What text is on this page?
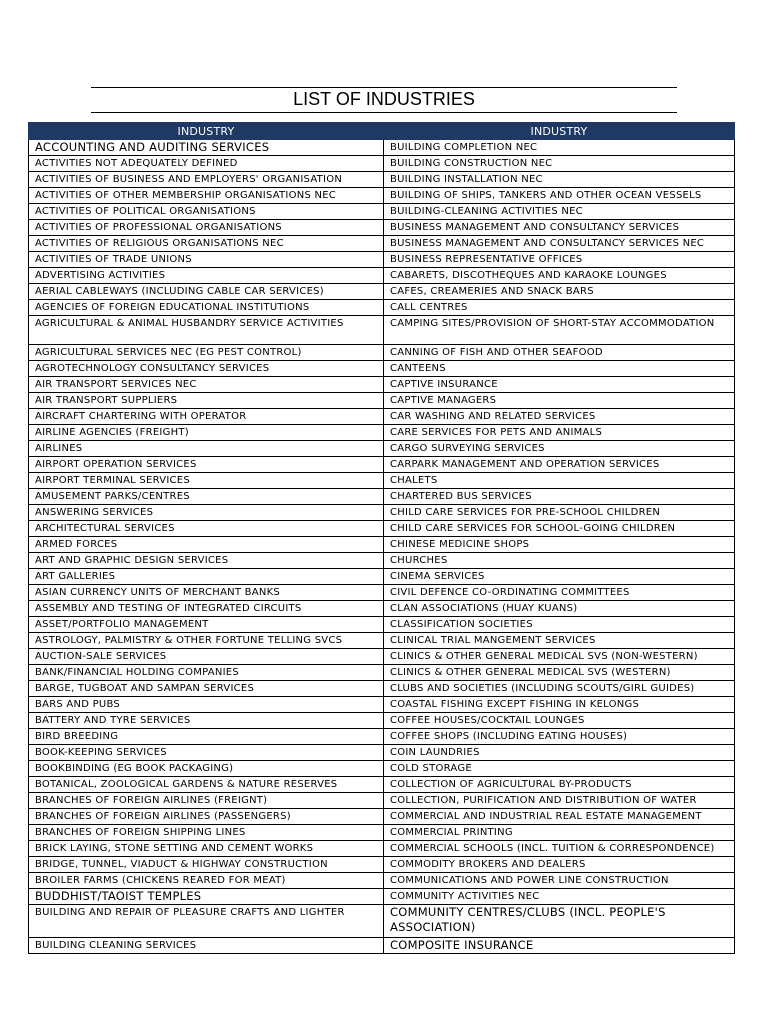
LIST OF INDUSTRIES
INDUSTRY	INDUSTRY
ACCOUNTING AND AUDITING SERVICES	BUILDING COMPLETION NEC
ACTIVITIES NOT ADEQUATELY DEFINED	BUILDING CONSTRUCTION NEC
ACTIVITIES OF BUSINESS AND EMPLOYERS' ORGANISATION	BUILDING INSTALLATION NEC
ACTIVITIES OF OTHER MEMBERSHIP ORGANISATIONS NEC	BUILDING OF SHIPS, TANKERS AND OTHER OCEAN VESSELS
ACTIVITIES OF POLITICAL ORGANISATIONS	BUILDING-CLEANING ACTIVITIES NEC
ACTIVITIES OF PROFESSIONAL ORGANISATIONS	BUSINESS MANAGEMENT AND CONSULTANCY SERVICES
ACTIVITIES OF RELIGIOUS ORGANISATIONS NEC	BUSINESS MANAGEMENT AND CONSULTANCY SERVICES NEC
ACTIVITIES OF TRADE UNIONS	BUSINESS REPRESENTATIVE OFFICES
ADVERTISING ACTIVITIES	CABARETS, DISCOTHEQUES AND KARAOKE LOUNGES
AERIAL CABLEWAYS (INCLUDING CABLE CAR SERVICES)	CAFES, CREAMERIES AND SNACK BARS
AGENCIES OF FOREIGN EDUCATIONAL INSTITUTIONS	CALL CENTRES
AGRICULTURAL & ANIMAL HUSBANDRY SERVICE ACTIVITIES	CAMPING SITES/PROVISION OF SHORT-STAY ACCOMMODATION
AGRICULTURAL SERVICES NEC (EG PEST CONTROL)	CANNING OF FISH AND OTHER SEAFOOD
AGROTECHNOLOGY CONSULTANCY SERVICES	CANTEENS
AIR TRANSPORT SERVICES NEC	CAPTIVE INSURANCE
AIR TRANSPORT SUPPLIERS	CAPTIVE MANAGERS
AIRCRAFT CHARTERING WITH OPERATOR	CAR WASHING AND RELATED SERVICES
AIRLINE AGENCIES (FREIGHT)	CARE SERVICES FOR PETS AND ANIMALS
AIRLINES	CARGO SURVEYING SERVICES
AIRPORT OPERATION SERVICES	CARPARK MANAGEMENT AND OPERATION SERVICES
AIRPORT TERMINAL SERVICES	CHALETS
AMUSEMENT PARKS/CENTRES	CHARTERED BUS SERVICES
ANSWERING SERVICES	CHILD CARE SERVICES FOR PRE-SCHOOL CHILDREN
ARCHITECTURAL SERVICES	CHILD CARE SERVICES FOR SCHOOL-GOING CHILDREN
ARMED FORCES	CHINESE MEDICINE SHOPS
ART AND GRAPHIC DESIGN SERVICES	CHURCHES
ART GALLERIES	CINEMA SERVICES
ASIAN CURRENCY UNITS OF MERCHANT BANKS	CIVIL DEFENCE CO-ORDINATING COMMITTEES
ASSEMBLY AND TESTING OF INTEGRATED CIRCUITS	CLAN ASSOCIATIONS (HUAY KUANS)
ASSET/PORTFOLIO MANAGEMENT	CLASSIFICATION SOCIETIES
ASTROLOGY, PALMISTRY & OTHER FORTUNE TELLING SVCS	CLINICAL TRIAL MANGEMENT SERVICES
AUCTION-SALE SERVICES	CLINICS & OTHER GENERAL MEDICAL SVS (NON-WESTERN)
BANK/FINANCIAL HOLDING COMPANIES	CLINICS & OTHER GENERAL MEDICAL SVS (WESTERN)
BARGE, TUGBOAT AND SAMPAN SERVICES	CLUBS AND SOCIETIES (INCLUDING SCOUTS/GIRL GUIDES)
BARS AND PUBS	COASTAL FISHING EXCEPT FISHING IN KELONGS
BATTERY AND TYRE SERVICES	COFFEE HOUSES/COCKTAIL LOUNGES
BIRD BREEDING	COFFEE SHOPS (INCLUDING EATING HOUSES)
BOOK-KEEPING SERVICES	COIN LAUNDRIES
BOOKBINDING (EG BOOK PACKAGING)	COLD STORAGE
BOTANICAL, ZOOLOGICAL GARDENS & NATURE RESERVES	COLLECTION OF AGRICULTURAL BY-PRODUCTS
BRANCHES OF FOREIGN AIRLINES (FREIGNT)	COLLECTION, PURIFICATION AND DISTRIBUTION OF WATER
BRANCHES OF FOREIGN AIRLINES (PASSENGERS)	COMMERCIAL AND INDUSTRIAL REAL ESTATE MANAGEMENT
BRANCHES OF FOREIGN SHIPPING LINES	COMMERCIAL PRINTING
BRICK LAYING, STONE SETTING AND CEMENT WORKS	COMMERCIAL SCHOOLS (INCL. TUITION & CORRESPONDENCE)
BRIDGE, TUNNEL, VIADUCT & HIGHWAY CONSTRUCTION	COMMODITY BROKERS AND DEALERS
BROILER FARMS (CHICKENS REARED FOR MEAT)	COMMUNICATIONS AND POWER LINE CONSTRUCTION
BUDDHIST/TAOIST TEMPLES	COMMUNITY ACTIVITIES NEC
BUILDING AND REPAIR OF PLEASURE CRAFTS AND LIGHTER	COMMUNITY CENTRES/CLUBS (INCL. PEOPLE'S ASSOCIATION)
BUILDING CLEANING SERVICES	COMPOSITE INSURANCE
